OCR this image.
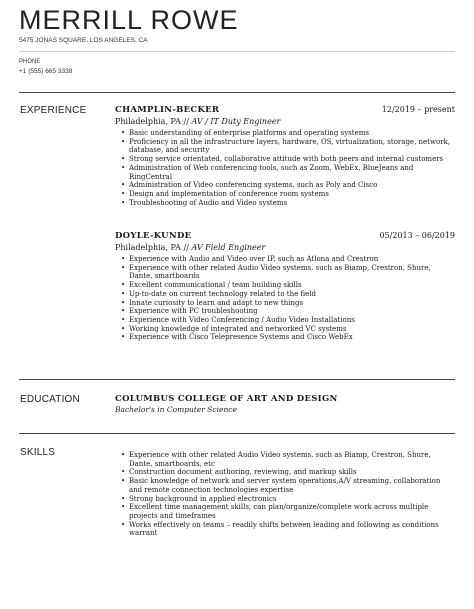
MERRILL ROWE
5475 JONAS SQUARE, LOS ANGELES, CA
PHONE
+1 (555) 665 3338
EXPERIENCE	CHAMPLIN-BECKER	12/2019 – present
Philadelphia, PA // AV / IT Duty Engineer
• Basic understanding of enterprise platforms and operating systems
• Proficiency in all the infrastructure layers, hardware, OS, virtualization, storage, network, database, and security
• Strong service orientated, collaborative attitude with both peers and internal customers
• Administration of Web conferencing tools, such as Zoom, WebEx, BlueJeans and RingCentral
• Administration of Video conferencing systems, such as Poly and Cisco
• Design and implementation of conference room systems
• Troubleshooting of Audio and Video systems
DOYLE-KUNDE	05/2013 – 06/2019
Philadelphia, PA // AV Field Engineer
• Experience with Audio and Video over IP, such as Atlona and Crestron
• Experience with other related Audio Video systems, such as Biamp, Crestron, Shure, Dante, smartboards
• Excellent communicational / team building skills
• Up-to-date on current technology related to the field
• Innate curiosity to learn and adapt to new things
• Experience with PC troubleshooting
• Experience with Video Conferencing / Audio Video Installations
• Working knowledge of integrated and networked VC systems
• Experience with Cisco Telepresence Systems and Cisco WebEx
EDUCATION	COLUMBUS COLLEGE OF ART AND DESIGN
Bachelor's in Computer Science
SKILLS
•	Experience with other related Audio Video systems, such as Biamp, Crestron, Shure, Dante, smartboards, etc
• Construction document authoring, reviewing, and markup skills
• Basic knowledge of network and server system operations,A/V streaming, collaboration and remote connection technologies expertise
• Strong background in applied electronics
• Excellent time management skills, can plan/organize/complete work across multiple projects and timeframes
• Works effectively on teams – readily shifts between leading and following as conditions warrant
